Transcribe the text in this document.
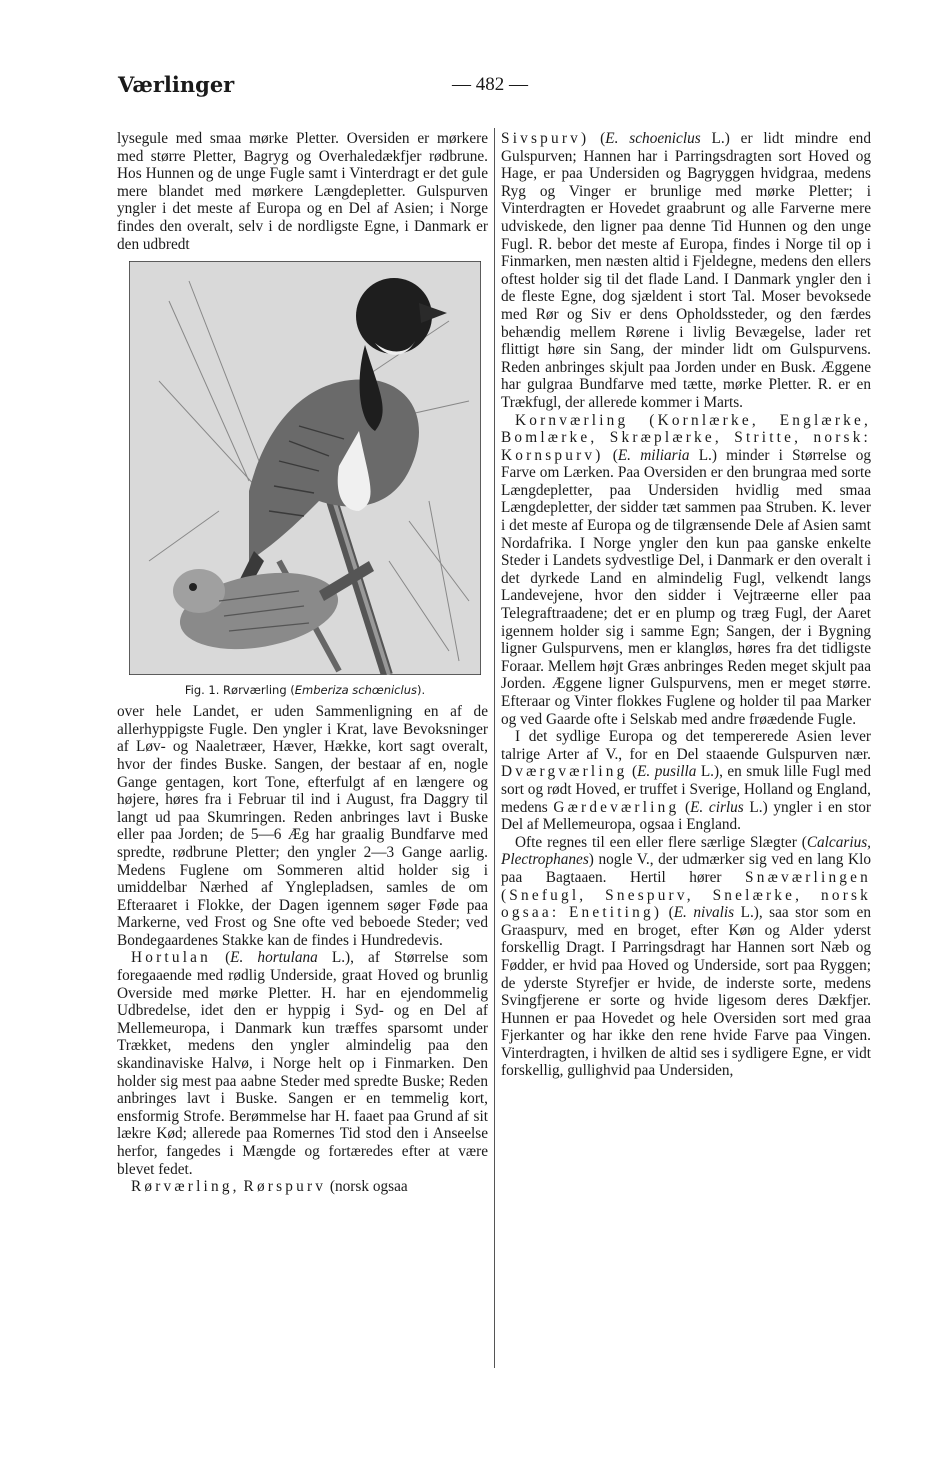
Værlinger	— 482 —

lysegule med smaa mørke Pletter. Oversiden er mørkere med større Pletter, Bagryg og Overhaledækfjer rødbrune. Hos Hunnen og de unge Fugle samt i Vinterdragt er det gule mere blandet med mørkere Længdepletter. Gulspurven yngler i det meste af Europa og en Del af Asien; i Norge findes den overalt, selv i de nordligste Egne, i Danmark er den udbredt

Fig. 1. Rørværling (Emberiza schœniclus).

over hele Landet, er uden Sammenligning en af de allerhyppigste Fugle. Den yngler i Krat, lave Bevoksninger af Løv- og Naaletræer, Hæver, Hække, kort sagt overalt, hvor der findes Buske. Sangen, der bestaar af en, nogle Gange gentagen, kort Tone, efterfulgt af en længere og højere, høres fra i Februar til ind i August, fra Daggry til langt ud paa Skumringen. Reden anbringes lavt i Buske eller paa Jorden; de 5—6 Æg har graalig Bundfarve med spredte, rødbrune Pletter; den yngler 2—3 Gange aarlig. Medens Fuglene om Sommeren altid holder sig i umiddelbar Nærhed af Ynglepladsen, samles de om Efteraaret i Flokke, der Dagen igennem søger Føde paa Markerne, ved Frost og Sne ofte ved beboede Steder; ved Bondegaardenes Stakke kan de findes i Hundredevis.

Hortulan (E. hortulana L.), af Størrelse som foregaaende med rødlig Underside, graat Hoved og brunlig Overside med mørke Pletter. H. har en ejendommelig Udbredelse, idet den er hyppig i Syd- og en Del af Mellemeuropa, i Danmark kun træffes sparsomt under Trækket, medens den yngler almindelig paa den skandinaviske Halvø, i Norge helt op i Finmarken. Den holder sig mest paa aabne Steder med spredte Buske; Reden anbringes lavt i Buske. Sangen er en temmelig kort, ensformig Strofe. Berømmelse har H. faaet paa Grund af sit lækre Kød; allerede paa Romernes Tid stod den i Anseelse herfor, fangedes i Mængde og fortæredes efter at være blevet fedet.

Rørværling, Rørspurv (norsk ogsaa

Sivspurv) (E. schoeniclus L.) er lidt mindre end Gulspurven; Hannen har i Parringsdragten sort Hoved og Hage, er paa Undersiden og Bagryggen hvidgraa, medens Ryg og Vinger er brunlige med mørke Pletter; i Vinterdragten er Hovedet graabrunt og alle Farverne mere udviskede, den ligner paa denne Tid Hunnen og den unge Fugl. R. bebor det meste af Europa, findes i Norge til op i Finmarken, men næsten altid i Fjeldegne, medens den ellers oftest holder sig til det flade Land. I Danmark yngler den i de fleste Egne, dog sjældent i stort Tal. Moser bevoksede med Rør og Siv er dens Opholdssteder, og den færdes behændig mellem Rørene i livlig Bevægelse, lader ret flittigt høre sin Sang, der minder lidt om Gulspurvens. Reden anbringes skjult paa Jorden under en Busk. Æggene har gulgraa Bundfarve med tætte, mørke Pletter. R. er en Trækfugl, der allerede kommer i Marts.

Kornværling (Kornlærke, Englærke, Bomlærke, Skræplærke, Stritte, norsk: Kornspurv) (E. miliaria L.) minder i Størrelse og Farve om Lærken. Paa Oversiden er den brungraa med sorte Længdepletter, paa Undersiden hvidlig med smaa Længdepletter, der sidder tæt sammen paa Struben. K. lever i det meste af Europa og de tilgrænsende Dele af Asien samt Nordafrika. I Norge yngler den kun paa ganske enkelte Steder i Landets sydvestlige Del, i Danmark er den overalt i det dyrkede Land en almindelig Fugl, velkendt langs Landevejene, hvor den sidder i Vejtræerne eller paa Telegraftraadene; det er en plump og træg Fugl, der Aaret igennem holder sig i samme Egn; Sangen, der i Bygning ligner Gulspurvens, men er klangløs, høres fra det tidligste Foraar. Mellem højt Græs anbringes Reden meget skjult paa Jorden. Æggene ligner Gulspurvens, men er meget større. Efteraar og Vinter flokkes Fuglene og holder til paa Marker og ved Gaarde ofte i Selskab med andre frøædende Fugle.

I det sydlige Europa og det tempererede Asien lever talrige Arter af V., for en Del staaende Gulspurven nær. Dværgværling (E. pusilla L.), en smuk lille Fugl med sort og rødt Hoved, er truffet i Sverige, Holland og England, medens Gærdeværling (E. cirlus L.) yngler i en stor Del af Mellemeuropa, ogsaa i England.

Ofte regnes til een eller flere særlige Slægter (Calcarius, Plectrophanes) nogle V., der udmærker sig ved en lang Klo paa Bagtaaen. Hertil hører Snæværlingen (Snefugl, Snespurv, Snelærke, norsk ogsaa: Enetiting) (E. nivalis L.), saa stor som en Graaspurv, med en broget, efter Køn og Alder yderst forskellig Dragt. I Parringsdragt har Hannen sort Næb og Fødder, er hvid paa Hoved og Underside, sort paa Ryggen; de yderste Styrefjer er hvide, de inderste sorte, medens Svingfjerene er sorte og hvide ligesom deres Dækfjer. Hunnen er paa Hovedet og hele Oversiden sort med graa Fjerkanter og har ikke den rene hvide Farve paa Vingen. Vinterdragten, i hvilken de altid ses i sydligere Egne, er vidt forskellig, gullighvid paa Undersiden,
